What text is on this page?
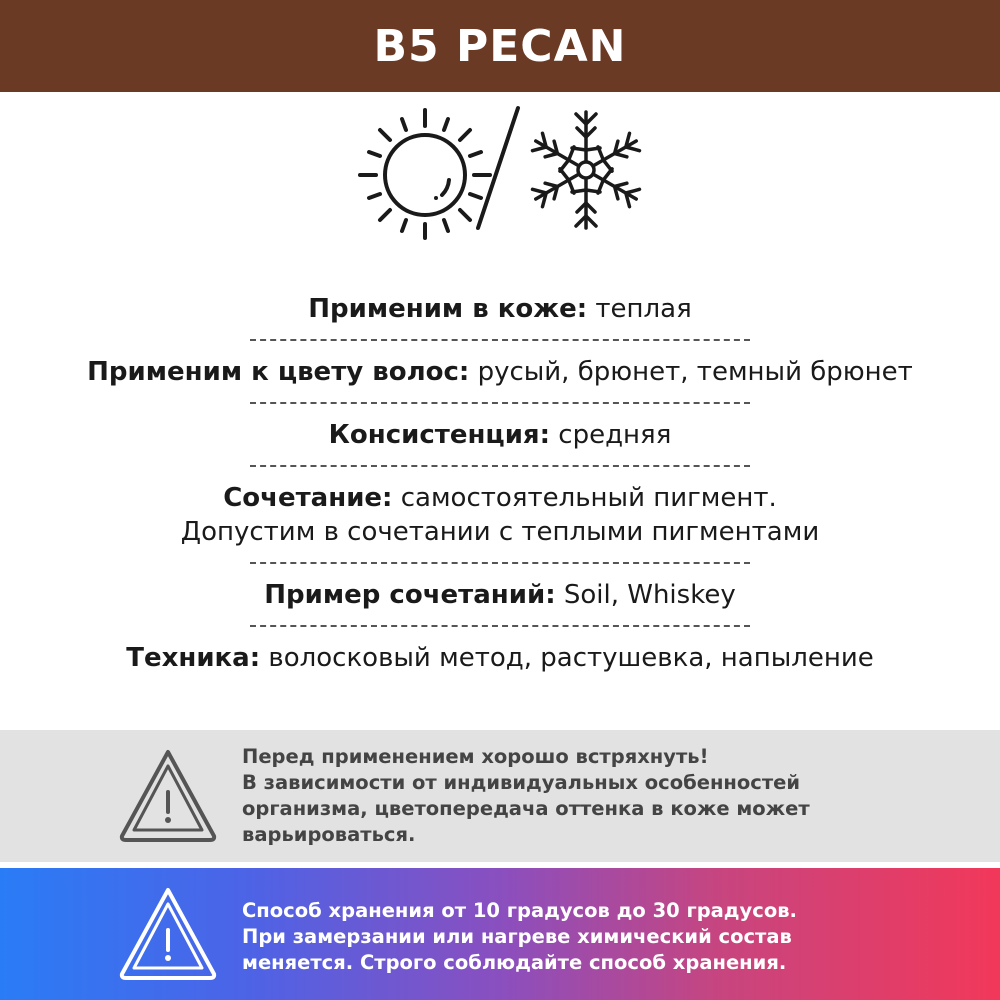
B5 PECAN

Применим в коже: теплая

Применим к цвету волос: русый, брюнет, темный брюнет

Консистенция: средняя

Сочетание: самостоятельный пигмент.
Допустим в сочетании с теплыми пигментами

Пример сочетаний: Soil, Whiskey

Техника: волосковый метод, растушевка, напыление

Перед применением хорошо встряхнуть!
В зависимости от индивидуальных особенностей
организма, цветопередача оттенка в коже может
варьироваться.
Способ хранения от 10 градусов до 30 градусов.
При замерзании или нагреве химический состав
меняется. Строго соблюдайте способ хранения.
